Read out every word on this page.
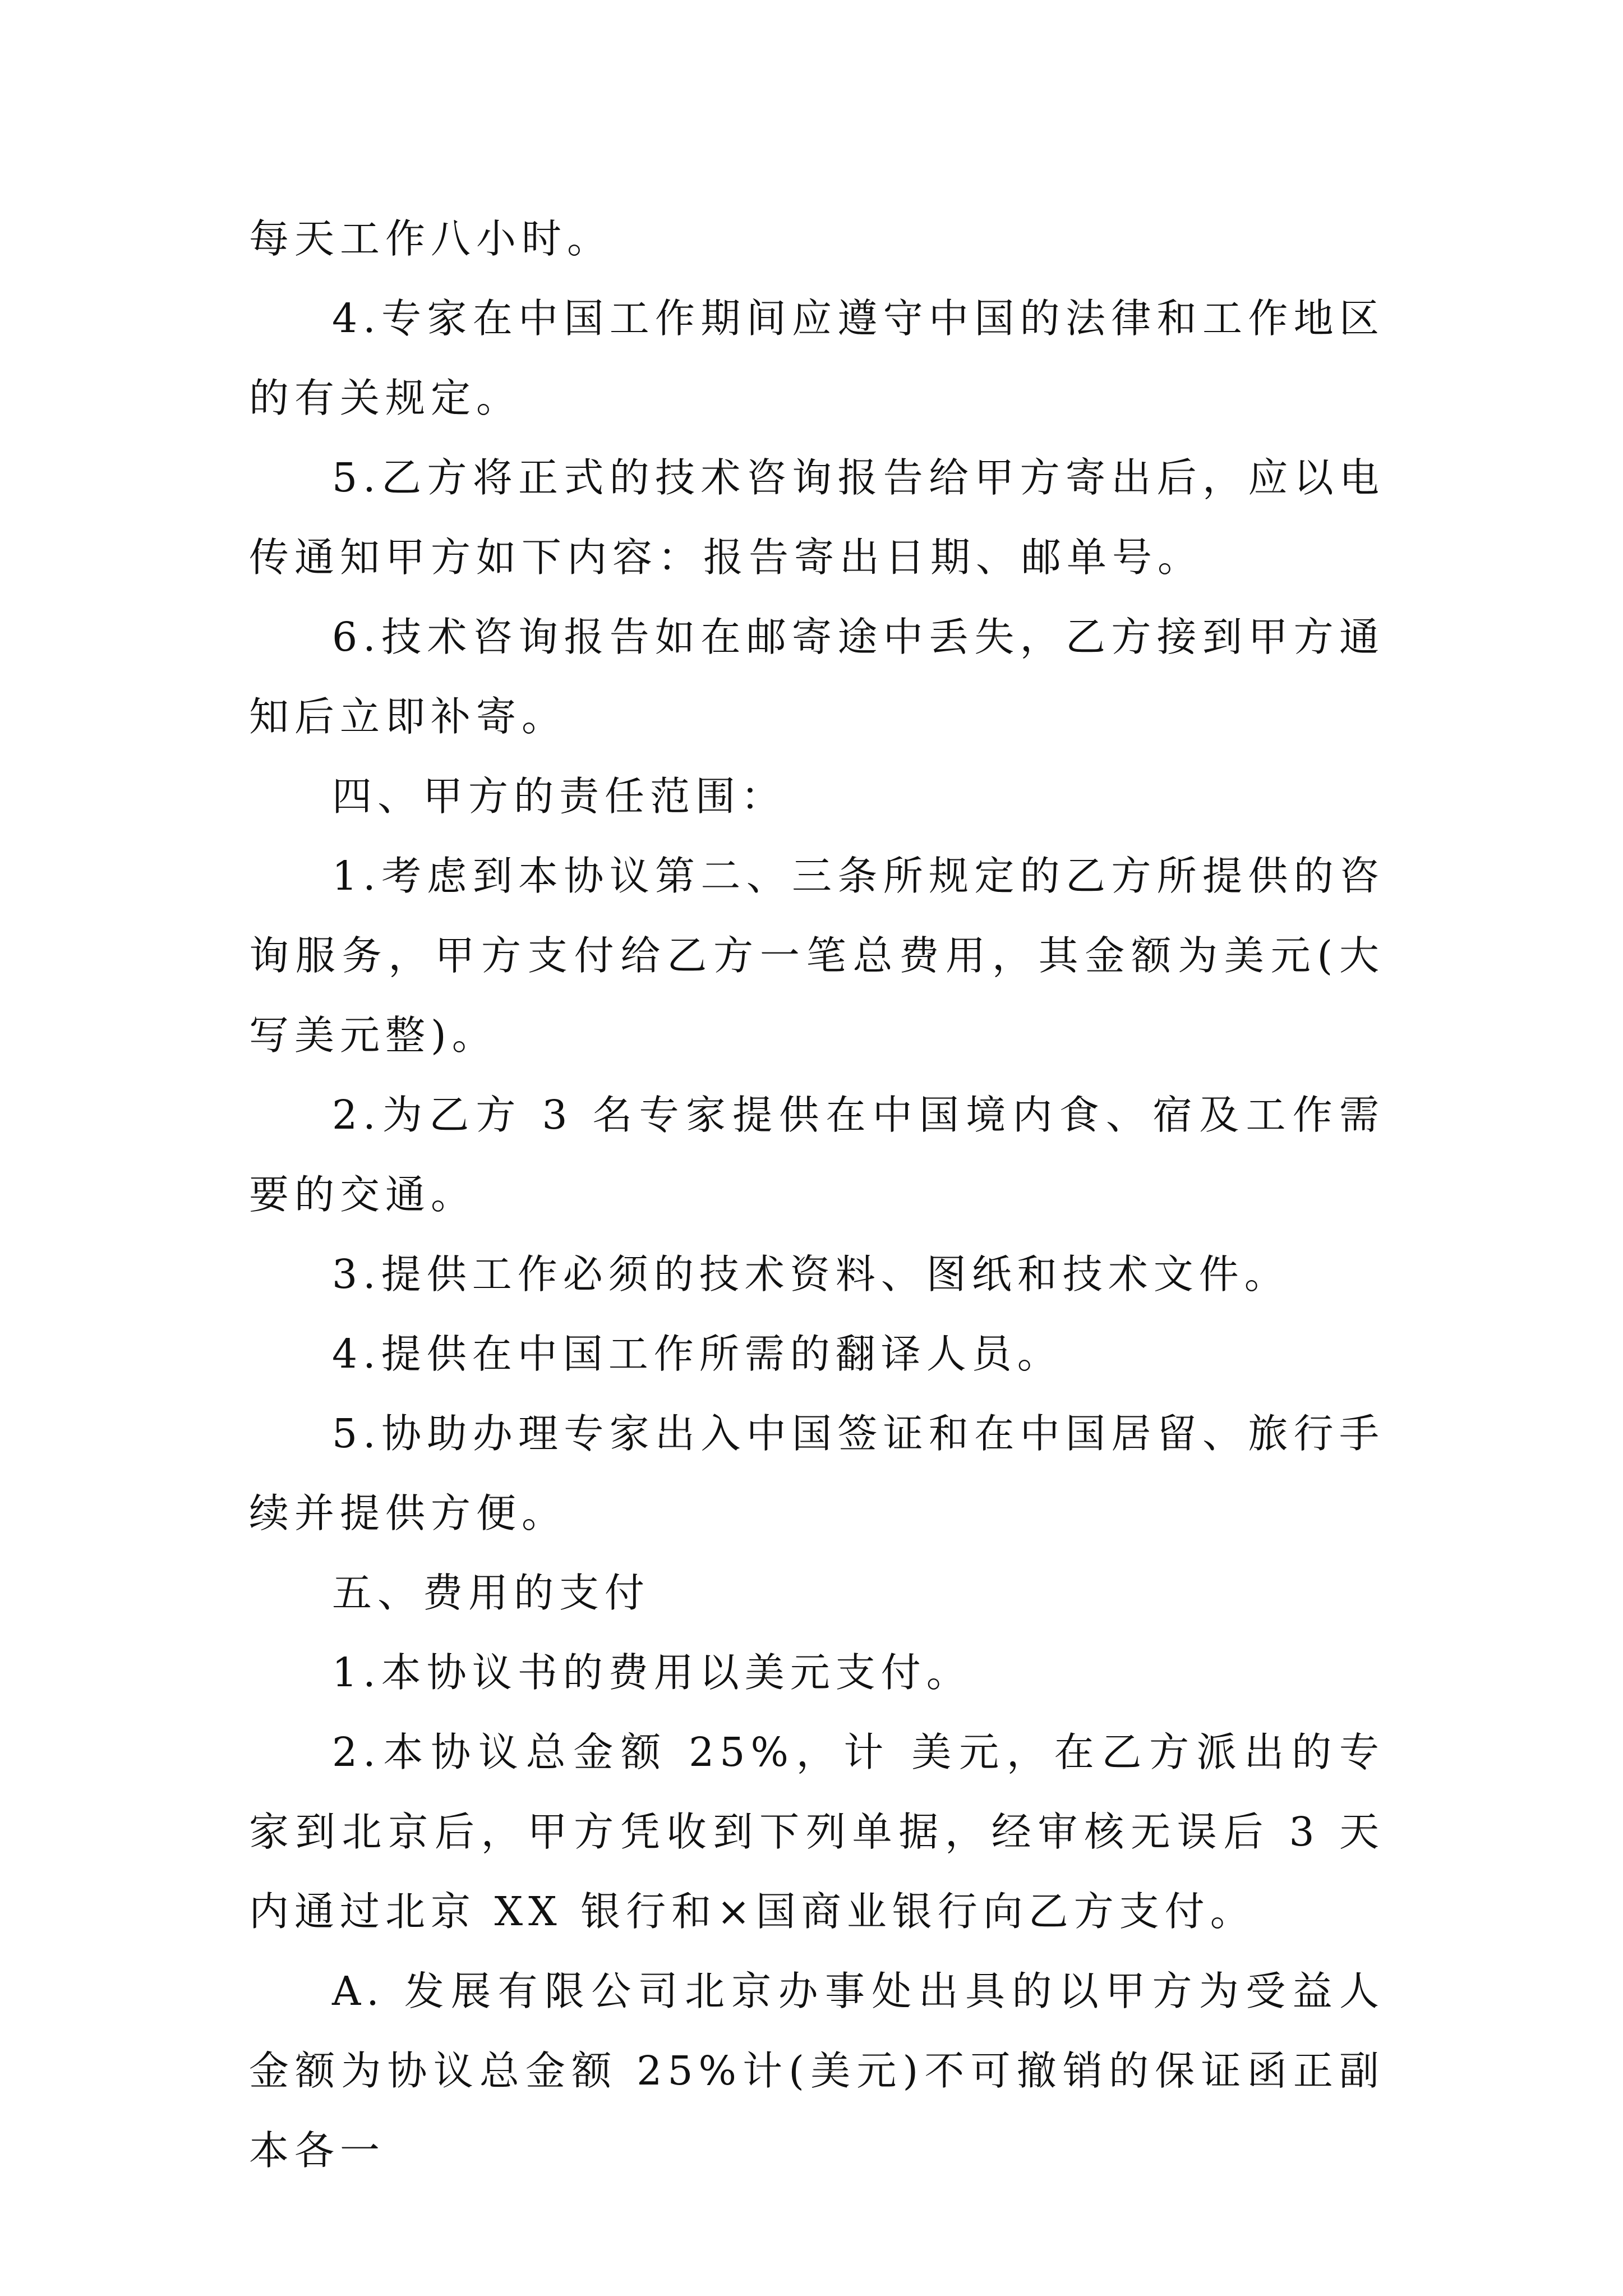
每天工作八小时。

4.专家在中国工作期间应遵守中国的法律和工作地区的有关规定。

5.乙方将正式的技术咨询报告给甲方寄出后，应以电传通知甲方如下内容：报告寄出日期、邮单号。

6.技术咨询报告如在邮寄途中丢失，乙方接到甲方通知后立即补寄。

四、甲方的责任范围：

1.考虑到本协议第二、三条所规定的乙方所提供的咨询服务，甲方支付给乙方一笔总费用，其金额为美元(大写美元整)。

2.为乙方 3 名专家提供在中国境内食、宿及工作需要的交通。

3.提供工作必须的技术资料、图纸和技术文件。

4.提供在中国工作所需的翻译人员。

5.协助办理专家出入中国签证和在中国居留、旅行手续并提供方便。

五、费用的支付

1.本协议书的费用以美元支付。

2.本协议总金额 25%，计 美元，在乙方派出的专家到北京后，甲方凭收到下列单据，经审核无误后 3 天内通过北京 XX 银行和×国商业银行向乙方支付。

A. 发展有限公司北京办事处出具的以甲方为受益人金额为协议总金额 25%计(美元)不可撤销的保证函正副本各一
